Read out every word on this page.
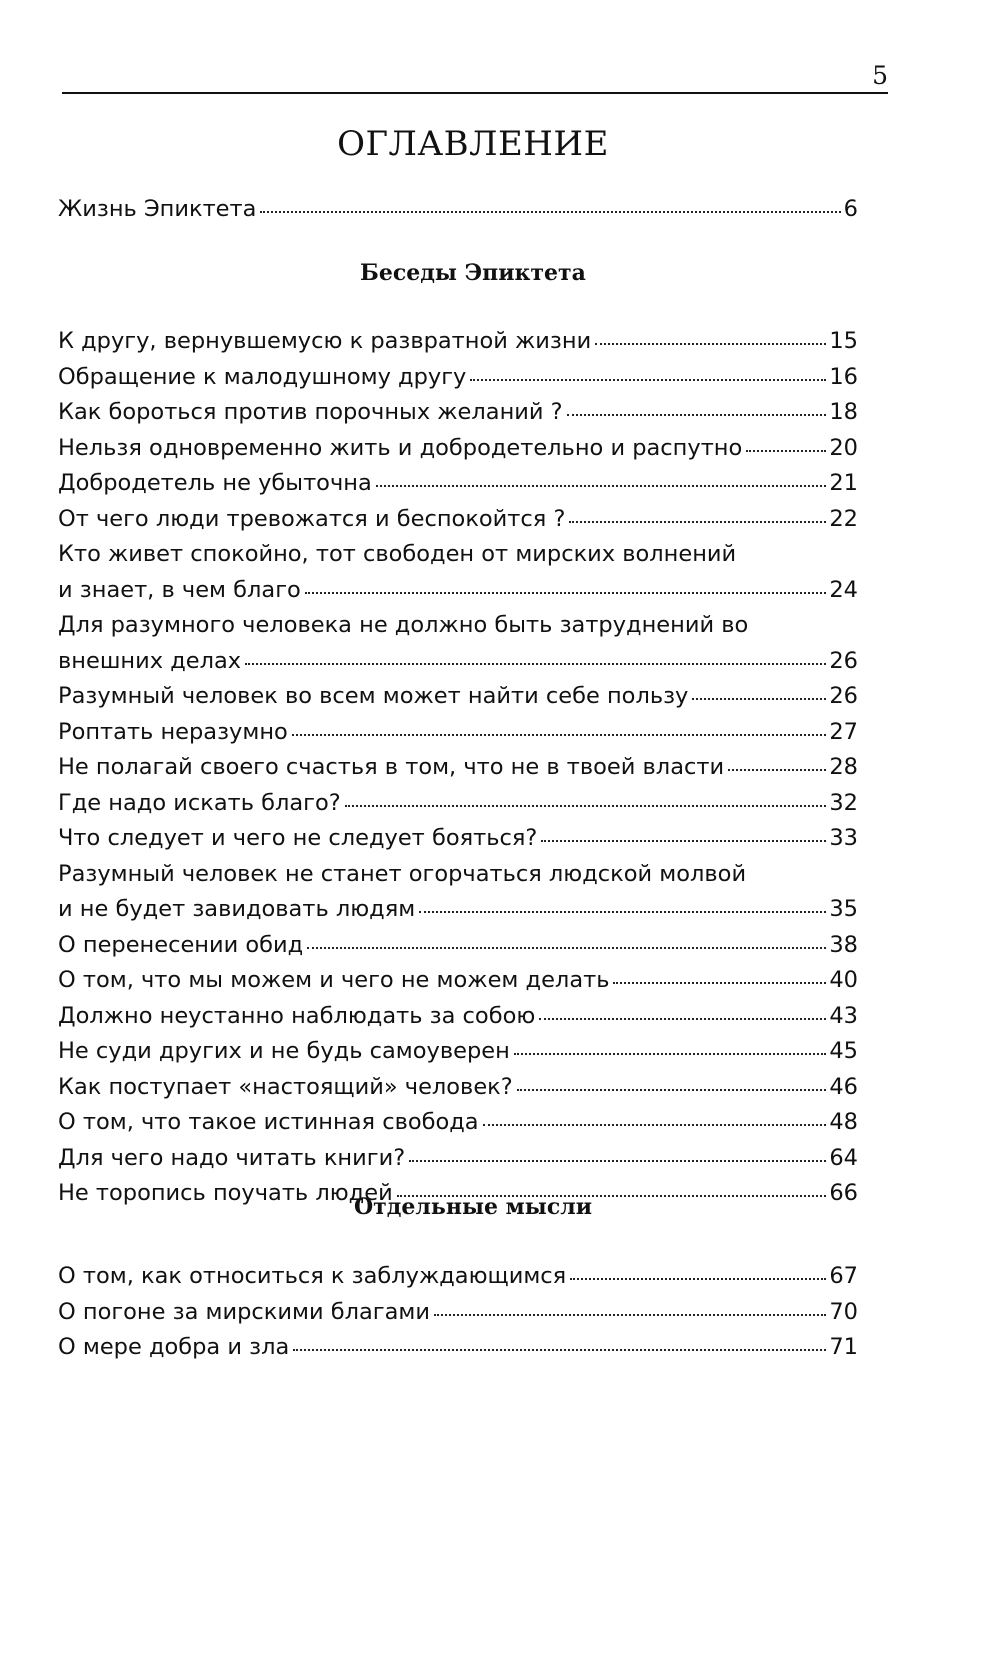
5
ОГЛАВЛЕНИЕ
Жизнь Эпиктета	6
Беседы Эпиктета
К другу, вернувшемусю к развратной жизни	15
Обращение к малодушному другу	16
Как бороться против порочных желаний ?	18
Нельзя одновременно жить и добродетельно и распутно	20
Добродетель не убыточна	21
От чего люди тревожатся и беспокойтся ?	22
Кто живет спокойно, тот свободен от мирских волнений
и знает, в чем благо	24
Для разумного человека не должно быть затруднений во
внешних делах	26
Разумный человек во всем может найти себе пользу	26
Роптать неразумно	27
Не полагай своего счастья в том, что не в твоей власти	28
Где надо искать благо?	32
Что следует и чего не следует бояться?	33
Разумный человек не станет огорчаться людской молвой
и не будет завидовать людям	35
О перенесении обид	38
О том, что мы можем и чего не можем делать	40
Должно неустанно наблюдать за собою	43
Не суди других и не будь самоуверен	45
Как поступает «настоящий» человек?	46
О том, что такое истинная свобода	48
Для чего надо читать книги?	64
Не торопись поучать людей	66
Отдельные мысли
О том, как относиться к заблуждающимся	67
О погоне за мирскими благами	70
О мере добра и зла	71
